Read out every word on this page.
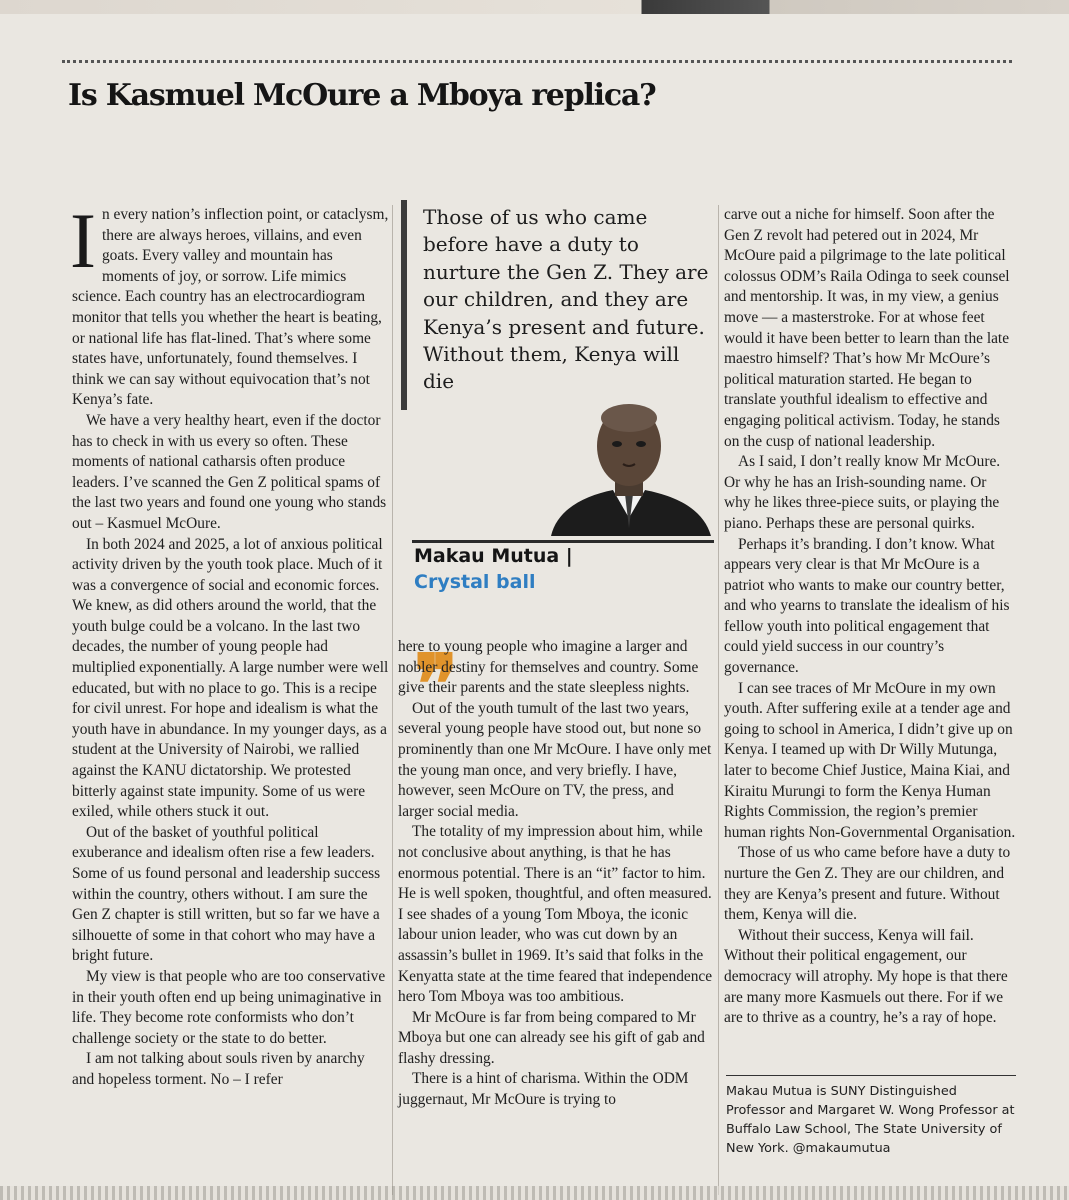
Is Kasmuel McOure a Mboya replica?

In every nation’s inflection point, or cataclysm, there are always heroes, villains, and even goats. Every valley and mountain has moments of joy, or sorrow. Life mimics science. Each country has an electrocardiogram monitor that tells you whether the heart is beating, or national life has flat-lined. That’s where some states have, unfortunately, found themselves. I think we can say without equivocation that’s not Kenya’s fate.

We have a very healthy heart, even if the doctor has to check in with us every so often. These moments of national catharsis often produce leaders. I’ve scanned the Gen Z political spams of the last two years and found one young who stands out – Kasmuel McOure.

In both 2024 and 2025, a lot of anxious political activity driven by the youth took place. Much of it was a convergence of social and economic forces. We knew, as did others around the world, that the youth bulge could be a volcano. In the last two decades, the number of young people had multiplied exponentially. A large number were well educated, but with no place to go. This is a recipe for civil unrest. For hope and idealism is what the youth have in abundance. In my younger days, as a student at the University of Nairobi, we rallied against the KANU dictatorship. We protested bitterly against state impunity. Some of us were exiled, while others stuck it out.

Out of the basket of youthful political exuberance and idealism often rise a few leaders. Some of us found personal and leadership success within the country, others without. I am sure the Gen Z chapter is still written, but so far we have a silhouette of some in that cohort who may have a bright future.

My view is that people who are too conservative in their youth often end up being unimaginative in life. They become rote conformists who don’t challenge society or the state to do better.

I am not talking about souls riven by anarchy and hopeless torment. No – I refer

Those of us who came before have a duty to nurture the Gen Z. They are our children, and they are Kenya’s present and future. Without them, Kenya will die

❞
Makau Mutua |
Crystal ball

here to young people who imagine a larger and nobler destiny for themselves and country. Some give their parents and the state sleepless nights.

Out of the youth tumult of the last two years, several young people have stood out, but none so prominently than one Mr McOure. I have only met the young man once, and very briefly. I have, however, seen McOure on TV, the press, and larger social media.

The totality of my impression about him, while not conclusive about anything, is that he has enormous potential. There is an “it” factor to him. He is well spoken, thoughtful, and often measured. I see shades of a young Tom Mboya, the iconic labour union leader, who was cut down by an assassin’s bullet in 1969. It’s said that folks in the Kenyatta state at the time feared that independence hero Tom Mboya was too ambitious.

Mr McOure is far from being compared to Mr Mboya but one can already see his gift of gab and flashy dressing.

There is a hint of charisma. Within the ODM juggernaut, Mr McOure is trying to

carve out a niche for himself. Soon after the Gen Z revolt had petered out in 2024, Mr McOure paid a pilgrimage to the late political colossus ODM’s Raila Odinga to seek counsel and mentorship. It was, in my view, a genius move — a masterstroke. For at whose feet would it have been better to learn than the late maestro himself? That’s how Mr McOure’s political maturation started. He began to translate youthful idealism to effective and engaging political activism. Today, he stands on the cusp of national leadership.

As I said, I don’t really know Mr McOure. Or why he has an Irish-sounding name. Or why he likes three-piece suits, or playing the piano. Perhaps these are personal quirks.

Perhaps it’s branding. I don’t know. What appears very clear is that Mr McOure is a patriot who wants to make our country better, and who yearns to translate the idealism of his fellow youth into political engagement that could yield success in our country’s governance.

I can see traces of Mr McOure in my own youth. After suffering exile at a tender age and going to school in America, I didn’t give up on Kenya. I teamed up with Dr Willy Mutunga, later to become Chief Justice, Maina Kiai, and Kiraitu Murungi to form the Kenya Human Rights Commission, the region’s premier human rights Non-Governmental Organisation.

Those of us who came before have a duty to nurture the Gen Z. They are our children, and they are Kenya’s present and future. Without them, Kenya will die.

Without their success, Kenya will fail. Without their political engagement, our democracy will atrophy. My hope is that there are many more Kasmuels out there. For if we are to thrive as a country, he’s a ray of hope.

Makau Mutua is SUNY Distinguished Professor and Margaret W. Wong Professor at Buffalo Law School, The State University of New York. @makaumutua
